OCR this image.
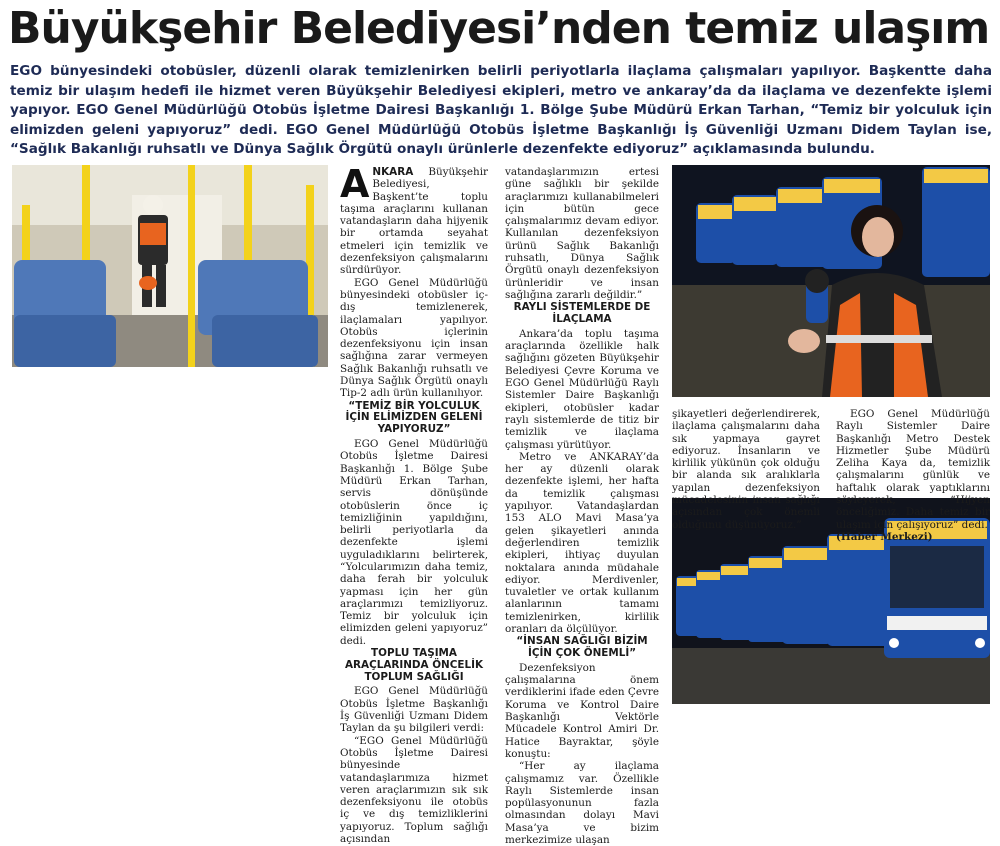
Büyükşehir Belediyesi’nden temiz ulaşım
EGO bünyesindeki otobüsler, düzenli olarak temizlenirken belirli periyotlarla ilaçlama çalışmaları yapılıyor. Başkentte daha temiz bir ulaşım hedefi ile hizmet veren Büyükşehir Belediyesi ekipleri, metro ve ankaray’da da ilaçlama ve dezenfekte işlemi yapıyor. EGO Genel Müdürlüğü Otobüs İşletme Dairesi Başkanlığı 1. Bölge Şube Müdürü Erkan Tarhan, “Temiz bir yolculuk için elimizden geleni yapıyoruz” dedi. EGO Genel Müdürlüğü Otobüs İşletme Başkanlığı İş Güvenliği Uzmanı Didem Taylan ise, “Sağlık Bakanlığı ruhsatlı ve Dünya Sağlık Örgütü onaylı ürünlerle dezenfekte ediyoruz” açıklamasında bulundu.

ANKARA Büyükşehir Belediyesi, Başkent’te toplu taşıma araçlarını kullanan vatandaşların daha hijyenik bir ortamda seyahat etmeleri için temizlik ve dezenfeksiyon çalışmalarını sürdürüyor.

EGO Genel Müdürlüğü bünyesindeki otobüsler iç-dış temizlenerek, ilaçlamaları yapılıyor. Otobüs içlerinin dezenfeksiyonu için insan sağlığına zarar vermeyen Sağlık Bakanlığı ruhsatlı ve Dünya Sağlık Örgütü onaylı Tip-2 adlı ürün kullanılıyor.

“TEMİZ BİR YOLCULUK İÇİN ELİMİZDEN GELENİ YAPIYORUZ”

EGO Genel Müdürlüğü Otobüs İşletme Dairesi Başkanlığı 1. Bölge Şube Müdürü Erkan Tarhan, servis dönüşünde otobüslerin önce iç temizliğinin yapıldığını, belirli periyotlarla da dezenfekte işlemi uyguladıklarını belirterek, “Yolcularımızın daha temiz, daha ferah bir yolculuk yapması için her gün araçlarımızı temizliyoruz. Temiz bir yolculuk için elimizden geleni yapıyoruz” dedi.

TOPLU TAŞIMA ARAÇLARINDA ÖNCELİK TOPLUM SAĞLIĞI

EGO Genel Müdürlüğü Otobüs İşletme Başkanlığı İş Güvenliği Uzmanı Didem Taylan da şu bilgileri verdi:

“EGO Genel Müdürlüğü Otobüs İşletme Dairesi bünyesinde vatandaşlarımıza hizmet veren araçlarımızın sık sık dezenfeksiyonu ile otobüs iç ve dış temizliklerini yapıyoruz. Toplum sağlığı açısından

vatandaşlarımızın ertesi güne sağlıklı bir şekilde araçlarımızı kullanabilmeleri için bütün gece çalışmalarımız devam ediyor. Kullanılan dezenfeksiyon ürünü Sağlık Bakanlığı ruhsatlı, Dünya Sağlık Örgütü onaylı dezenfeksiyon ürünleridir ve insan sağlığına zararlı değildir.”

RAYLI SİSTEMLERDE DE İLAÇLAMA

Ankara’da toplu taşıma araçlarında özellikle halk sağlığını gözeten Büyükşehir Belediyesi Çevre Koruma ve EGO Genel Müdürlüğü Raylı Sistemler Daire Başkanlığı ekipleri, otobüsler kadar raylı sistemlerde de titiz bir temizlik ve ilaçlama çalışması yürütüyor.

Metro ve ANKARAY’da her ay düzenli olarak dezenfekte işlemi, her hafta da temizlik çalışması yapılıyor. Vatandaşlardan 153 ALO Mavi Masa’ya gelen şikayetleri anında değerlendiren temizlik ekipleri, ihtiyaç duyulan noktalara anında müdahale ediyor. Merdivenler, tuvaletler ve ortak kullanım alanlarının tamamı temizlenirken, kirlilik oranları da ölçülüyor.

“İNSAN SAĞLIĞI BİZİM İÇİN ÇOK ÖNEMLİ”

Dezenfeksiyon çalışmalarına önem verdiklerini ifade eden Çevre Koruma ve Kontrol Daire Başkanlığı Vektörle Mücadele Kontrol Amiri Dr. Hatice Bayraktar, şöyle konuştu:

“Her ay ilaçlama çalışmamız var. Özellikle Raylı Sistemlerde insan popülasyonunun fazla olmasından dolayı Mavi Masa’ya ve bizim merkezimize ulaşan

şikayetleri değerlendirerek, ilaçlama çalışmalarını daha sık yapmaya gayret ediyoruz. İnsanların ve kirlilik yükünün çok olduğu bir alanda sık aralıklarla yapılan dezenfeksiyon mücadelesinin insan sağlığı açısından çok önemli olduğunu düşünüyoruz.”

EGO Genel Müdürlüğü Raylı Sistemler Daire Başkanlığı Metro Destek Hizmetler Şube Müdürü Zeliha Kaya da, temizlik çalışmalarını günlük ve haftalık olarak yaptıklarını söyleyerek, “Hijyen önceliğimiz. Daha temiz bir ulaşım için çalışıyoruz” dedi.

(Haber Merkezi)
